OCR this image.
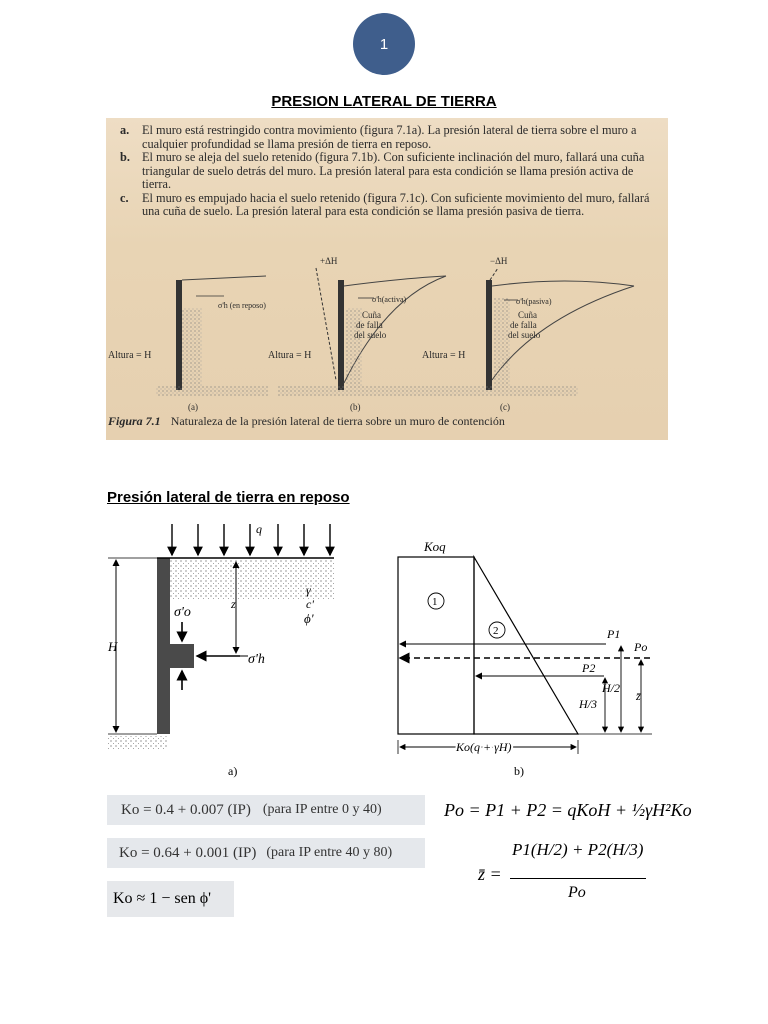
1
PRESION LATERAL DE TIERRA
a.	El muro está restringido contra movimiento (figura 7.1a). La presión lateral de tierra sobre el muro a cualquier profundidad se llama presión de tierra en reposo.
b. El muro se aleja del suelo retenido (figura 7.1b). Con suficiente inclinación del muro, fallará una cuña triangular de suelo detrás del muro. La presión lateral para esta condición se llama presión activa de tierra.
c.	El muro es empujado hacia el suelo retenido (figura 7.1c). Con suficiente movimiento del muro, fallará una cuña de suelo. La presión lateral para esta condición se llama presión pasiva de tierra.
σ'h (en reposo)
Altura = H
(a)
+ΔH
σ'h(activa)
Cuña
de falla
del suelo
Altura = H
(b)
−ΔH
σ'h(pasiva)
Cuña
de falla
del suelo
Altura = H
(c)
Figura 7.1 Naturaleza de la presión lateral de tierra sobre un muro de contención
Presión lateral de tierra en reposo
q
H
z
σ'o
σ'h
γ
c'
ϕ'
a)
Koq
1
2	P1
Po
P2
H/2
H/3
z̄
Ko(q + γH)
b)
Ko = 0.4 + 0.007 (IP) (para IP entre 0 y 40)
Ko = 0.64 + 0.001 (IP) (para IP entre 40 y 80)
Ko ≈ 1 − sen ϕ'
Po = P1 + P2 = qKoH + ½γH²Ko
z̄ =
P1(H/2) + P2(H/3)
Po
